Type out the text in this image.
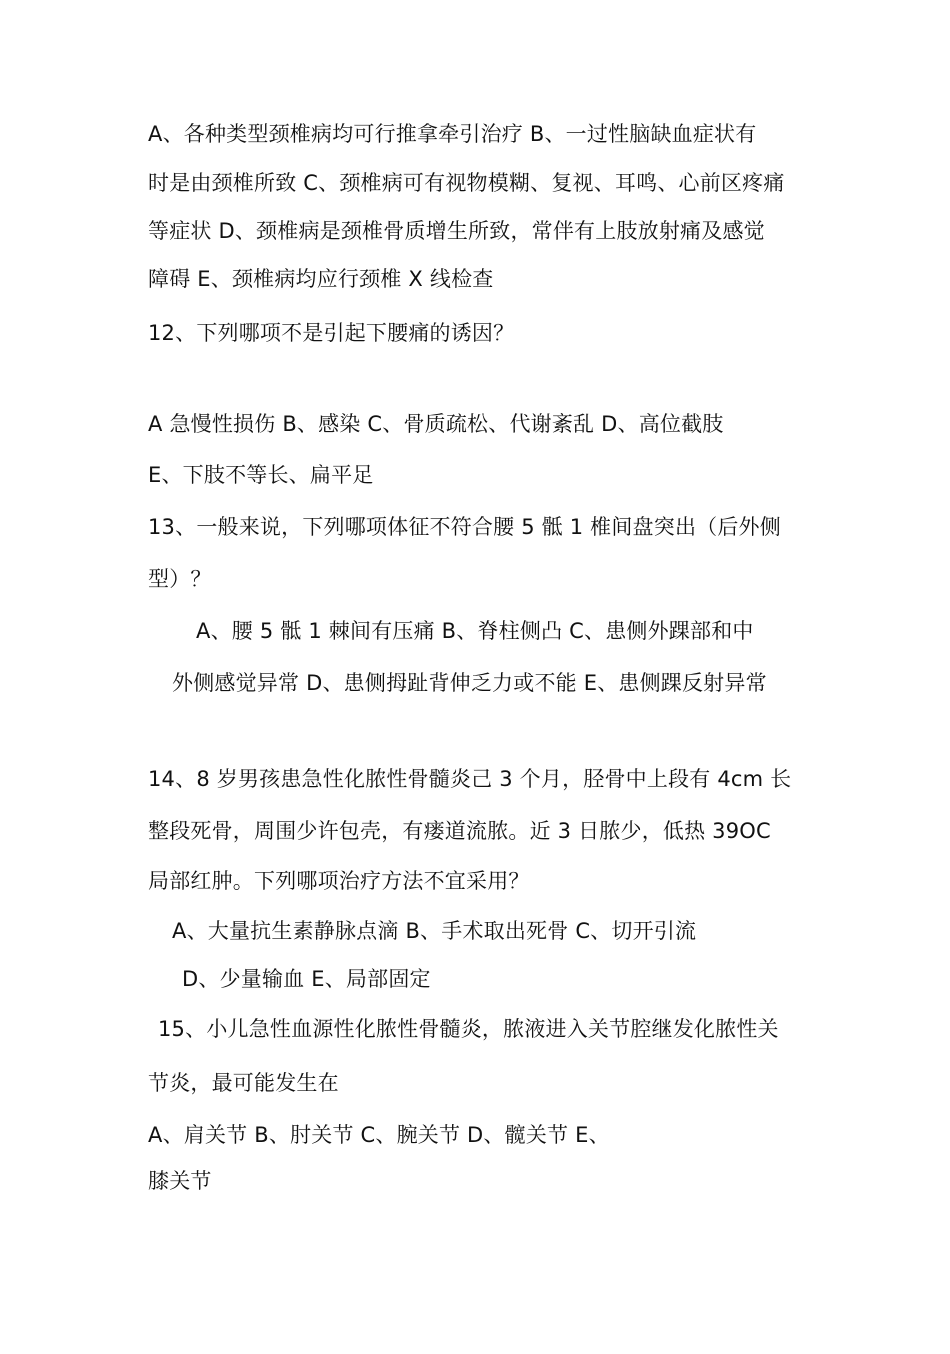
A、各种类型颈椎病均可行推拿牵引治疗 B、一过性脑缺血症状有
时是由颈椎所致 C、颈椎病可有视物模糊、复视、耳鸣、心前区疼痛
等症状 D、颈椎病是颈椎骨质增生所致，常伴有上肢放射痛及感觉
障碍 E、颈椎病均应行颈椎 X 线检查
12、下列哪项不是引起下腰痛的诱因？
A 急慢性损伤 B、感染 C、骨质疏松、代谢紊乱 D、高位截肢
E、下肢不等长、扁平足
13、一般来说，下列哪项体征不符合腰 5 骶 1 椎间盘突出（后外侧
型）？
A、腰 5 骶 1 棘间有压痛 B、脊柱侧凸 C、患侧外踝部和中
外侧感觉异常 D、患侧拇趾背伸乏力或不能 E、患侧踝反射异常
14、8 岁男孩患急性化脓性骨髓炎己 3 个月，胫骨中上段有 4cm 长
整段死骨，周围少许包壳，有瘘道流脓。近 3 日脓少，低热 39OC
局部红肿。下列哪项治疗方法不宜采用？
A、大量抗生素静脉点滴 B、手术取出死骨 C、切开引流
D、少量输血 E、局部固定
15、小儿急性血源性化脓性骨髓炎，脓液进入关节腔继发化脓性关
节炎，最可能发生在
A、肩关节 B、肘关节 C、腕关节 D、髋关节 E、
膝关节
